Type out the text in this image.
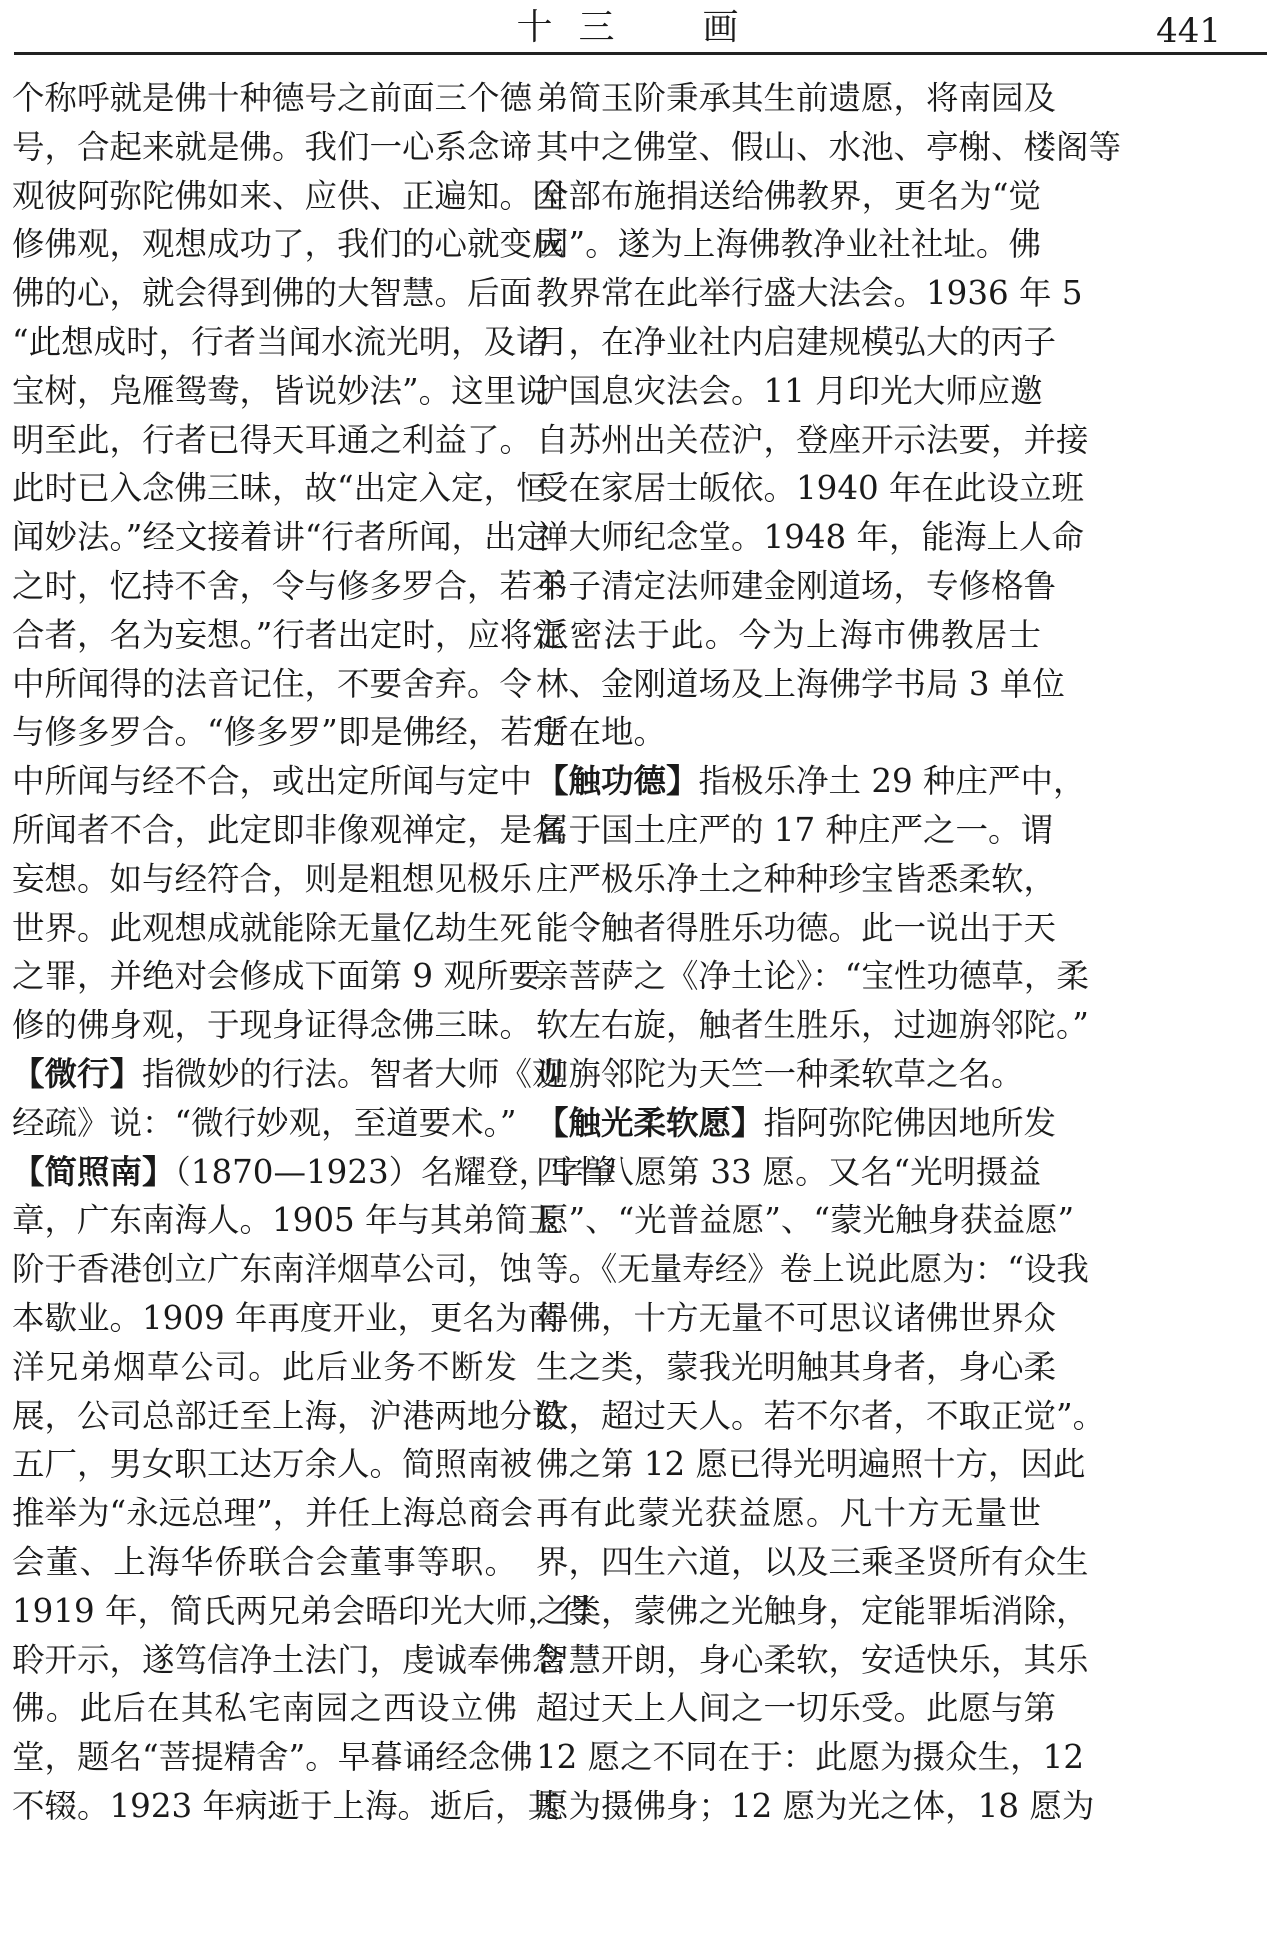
十三　画	441
个称呼就是佛十种德号之前面三个德
号，合起来就是佛。我们一心系念谛
观彼阿弥陀佛如来、应供、正遍知。因
修佛观，观想成功了，我们的心就变成
佛的心，就会得到佛的大智慧。后面
“此想成时，行者当闻水流光明，及诸
宝树，凫雁鸳鸯，皆说妙法”。这里说
明至此，行者已得天耳通之利益了。
此时已入念佛三昧，故“出定入定，恒
闻妙法。”经文接着讲“行者所闻，出定
之时，忆持不舍，令与修多罗合，若不
合者，名为妄想。”行者出定时，应将定
中所闻得的法音记住，不要舍弃。令
与修多罗合。“修多罗”即是佛经，若定
中所闻与经不合，或出定所闻与定中
所闻者不合，此定即非像观禅定，是名
妄想。如与经符合，则是粗想见极乐
世界。此观想成就能除无量亿劫生死
之罪，并绝对会修成下面第 9 观所要
修的佛身观，于现身证得念佛三昧。
【微行】指微妙的行法。智者大师《观
经疏》说：“微行妙观，至道要术。”
【简照南】（1870—1923）名耀登，字肇
章，广东南海人。1905 年与其弟简玉
阶于香港创立广东南洋烟草公司，蚀
本歇业。1909 年再度开业，更名为南
洋兄弟烟草公司。此后业务不断发
展，公司总部迁至上海，沪港两地分设
五厂，男女职工达万余人。简照南被
推举为“永远总理”，并任上海总商会
会董、上海华侨联合会董事等职。
1919 年，简氏两兄弟会晤印光大师，得
聆开示，遂笃信净土法门，虔诚奉佛念
佛。此后在其私宅南园之西设立佛
堂，题名“菩提精舍”。早暮诵经念佛
不辍。1923 年病逝于上海。逝后，其
弟简玉阶秉承其生前遗愿，将南园及
其中之佛堂、假山、水池、亭榭、楼阁等
全部布施捐送给佛教界，更名为“觉
园”。遂为上海佛教净业社社址。佛
教界常在此举行盛大法会。1936 年 5
月，在净业社内启建规模弘大的丙子
护国息灾法会。11 月印光大师应邀
自苏州出关莅沪，登座开示法要，并接
受在家居士皈依。1940 年在此设立班
禅大师纪念堂。1948 年，能海上人命
弟子清定法师建金刚道场，专修格鲁
派密法于此。今为上海市佛教居士
林、金刚道场及上海佛学书局 3 单位
所在地。
【触功德】指极乐净土 29 种庄严中，
属于国土庄严的 17 种庄严之一。谓
庄严极乐净土之种种珍宝皆悉柔软，
能令触者得胜乐功德。此一说出于天
亲菩萨之《净土论》：“宝性功德草，柔
软左右旋，触者生胜乐，过迦旃邻陀。”
迦旃邻陀为天竺一种柔软草之名。
【触光柔软愿】指阿弥陀佛因地所发
四十八愿第 33 愿。又名“光明摄益
愿”、“光普益愿”、“蒙光触身获益愿”
等。《无量寿经》卷上说此愿为：“设我
得佛，十方无量不可思议诸佛世界众
生之类，蒙我光明触其身者，身心柔
软，超过天人。若不尔者，不取正觉”。
佛之第 12 愿已得光明遍照十方，因此
再有此蒙光获益愿。凡十方无量世
界，四生六道，以及三乘圣贤所有众生
之类，蒙佛之光触身，定能罪垢消除，
智慧开朗，身心柔软，安适快乐，其乐
超过天上人间之一切乐受。此愿与第
12 愿之不同在于：此愿为摄众生，12
愿为摄佛身；12 愿为光之体，18 愿为
